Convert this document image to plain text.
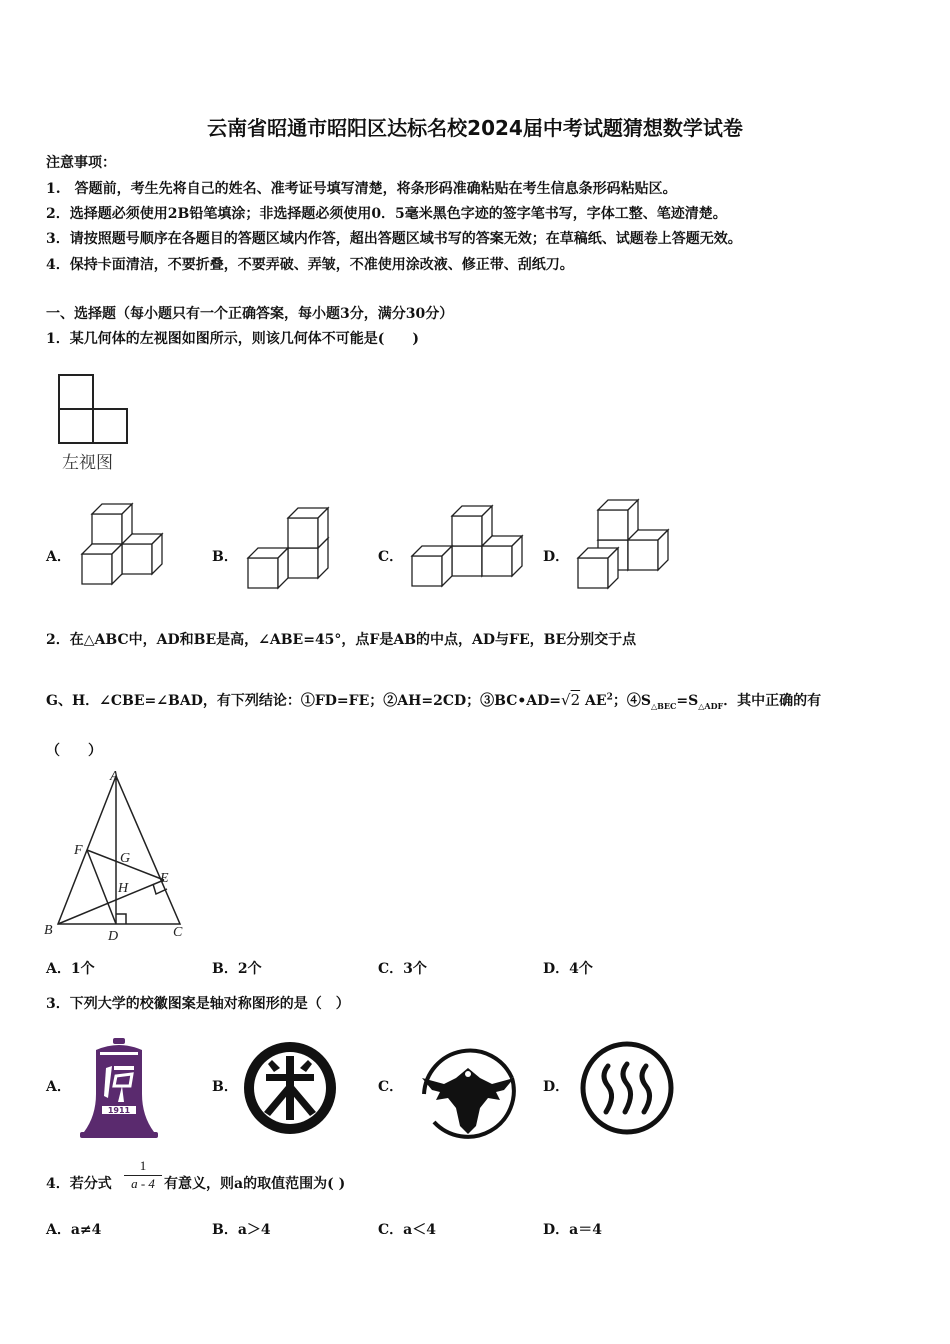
云南省昭通市昭阳区达标名校2024届中考试题猜想数学试卷
注意事项：
1.　答题前，考生先将自己的姓名、准考证号填写清楚，将条形码准确粘贴在考生信息条形码粘贴区。
2．选择题必须使用2B铅笔填涂；非选择题必须使用0．5毫米黑色字迹的签字笔书写，字体工整、笔迹清楚。
3．请按照题号顺序在各题目的答题区域内作答，超出答题区域书写的答案无效；在草稿纸、试题卷上答题无效。
4．保持卡面清洁，不要折叠，不要弄破、弄皱，不准使用涂改液、修正带、刮纸刀。
一、选择题（每小题只有一个正确答案，每小题3分，满分30分）
1．某几何体的左视图如图所示，则该几何体不可能是(　　)
左视图
A．	B．	C．	D．
2．在△ABC中，AD和BE是高，∠ABE=45°，点F是AB的中点，AD与FE，BE分别交于点
G、H．∠CBE=∠BAD，有下列结论：①FD=FE；②AH=2CD；③BC•AD=√2 $AE^2$；$④S_{\triangle BEC}=S_{\triangle ADF}$．其中正确的有
（　　）
A
B	C
D
E
F
G
H
A．1个	B．2个	C．3个	D．4个
3．下列大学的校徽图案是轴对称图形的是（　）
A．
1911
B．	C．	D．
4．若分式 $\frac{1}{a - 4}$ 有意义，则a的取值范围为( )
A．a≠4	B．a＞4	C．a＜4	D．a＝4
